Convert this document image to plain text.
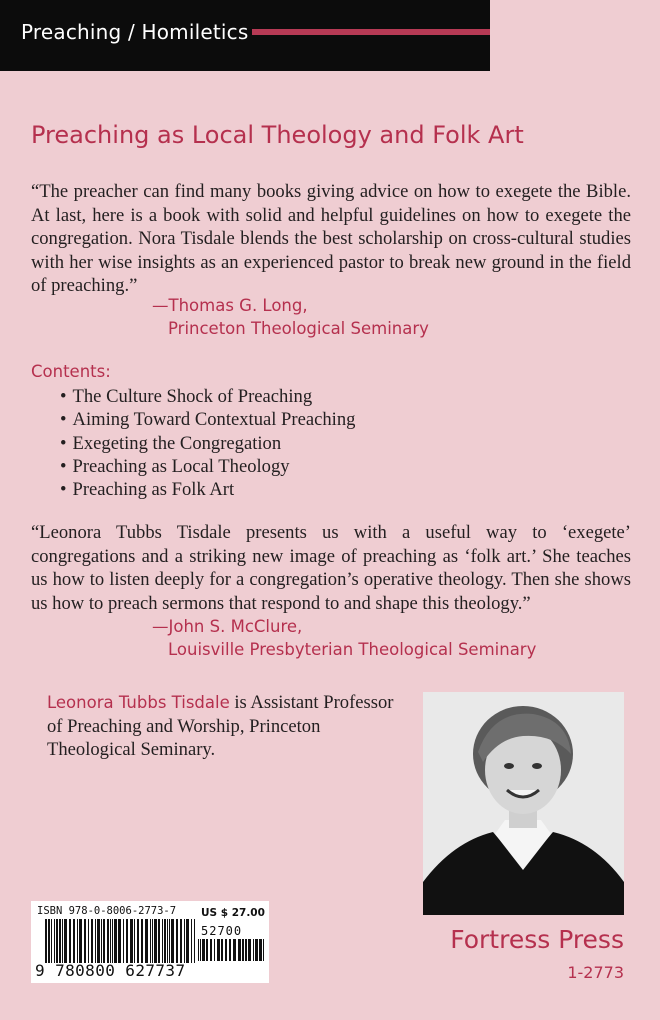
Preaching / Homiletics
Preaching as Local Theology and Folk Art
“The preacher can find many books giving advice on how to exegete the Bible. At last, here is a book with solid and helpful guidelines on how to exegete the congregation. Nora Tisdale blends the best scholarship on cross-cultural studies with her wise insights as an experienced pastor to break new ground in the field of preaching.”
—Thomas G. Long,
Princeton Theological Seminary
Contents:
• The Culture Shock of Preaching
• Aiming Toward Contextual Preaching
• Exegeting the Congregation
• Preaching as Local Theology
• Preaching as Folk Art
“Leonora Tubbs Tisdale presents us with a useful way to ‘exegete’ congregations and a striking new image of preaching as ‘folk art.’ She teaches us how to listen deeply for a congregation’s operative theology. Then she shows us how to preach sermons that respond to and shape this theology.”
—John S. McClure,
Louisville Presbyterian Theological Seminary
Leonora Tubbs Tisdale is Assistant Professor of Preaching and Worship, Princeton Theological Seminary.
ISBN 978-0-8006-2773-7 US $ 27.00
52700
9 780800 627737
Fortress Press
1-2773
